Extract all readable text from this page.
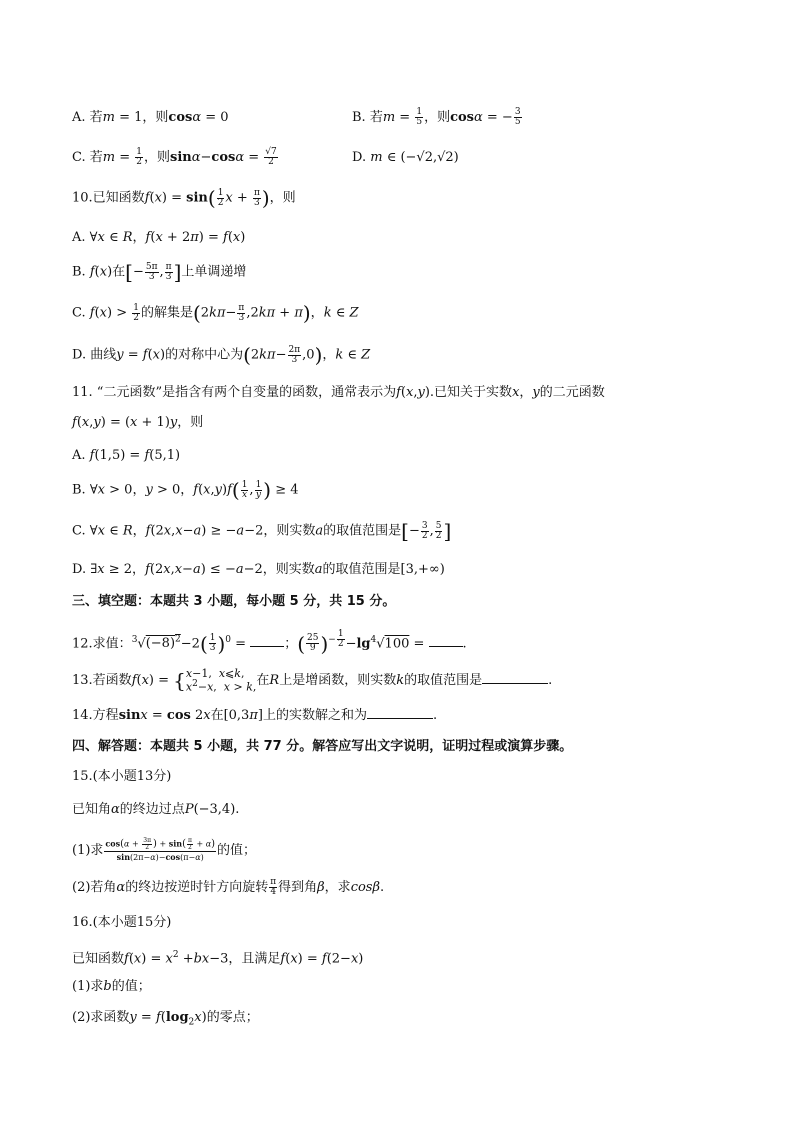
A. 若m = 1，则cosα = 0	B. 若$m = \frac{1}{5}$ ，则cosα = − $\frac{3}{5}$
C. 若$m = \frac{1}{2}$ ，则$\sin\alpha-\cos\alpha = \frac{√7}{2}$	D. m ∈ (−√2,√2)
10.已知函数$f(x) = \sin( \frac{1}{2}$ $x + \frac{\pi}{3}$ )，则
A. ∀x ∈ R，f(x + 2π) = f(x)
B. f(x)在[− $\frac{5\pi}{3}$ , $\frac{\pi}{3}$ ]上单调递增
C. $f(x) > \frac{1}{2}$ 的解集是$(2k\pi- \frac{\pi}{3} ,2k\pi + \pi)$，k ∈ Z
D. 曲线y = f(x)的对称中心为$(2k\pi- \frac{2\pi}{3} ,0)$，k ∈ Z
11. “二元函数”是指含有两个自变量的函数，通常表示为f(x,y).已知关于实数x，y的二元函数
f(x,y) = (x + 1)y，则
A. f(1,5) = f(5,1)
B. ∀x > 0，y > 0，$f(x,y)f( \frac{1}{x}$ , $\frac{1}{y}$ ) ≥ 4
C. ∀x ∈ R，f(2x,x−a) ≥ −a−2，则实数a的取值范围是[− $\frac{3}{2}$ , $\frac{5}{2}$ ]
D. ∃x ≥ 2，f(2x,x−a) ≤ −a−2，则实数a的取值范围是[3,+∞)
三、填空题：本题共 3 小题，每小题 5 分，共 15 分。
12.求值：$^3√(-8)^2-2( \frac{1}{3} )^0$ =	；( $\frac{25}{9} )^{- \frac{1}{2}} -\lg^4√100$ =	.
13.若函数f(x) = {x−1,  x⩽k,
$x^2-x$,  x > k,在R上是增函数，则实数k的取值范围是	.
14.方程sinx = cos 2x在[0,3π]上的实数解之和为	.
四、解答题：本题共 5 小题，共 77 分。解答应写出文字说明，证明过程或演算步骤。
15.(本小题13分)
已知角α的终边过点P(−3,4).
(1)求 $\frac{\cos(\alpha + \frac{3\pi}{2} ) + \sin( \frac{\pi}{2} + \alpha)}{\sin(2\pi-\alpha)-\cos(\pi-\alpha)}$ 的值；
(2)若角α的终边按逆时针方向旋转 $\frac{\pi}{4}$ 得到角β，求cosβ.
16.(本小题15分)
已知函数$f(x) = x^2 +bx-3$，且满足f(x) = f(2−x)
(1)求b的值；
(2)求函数$y = f(\log_2x)$的零点；
